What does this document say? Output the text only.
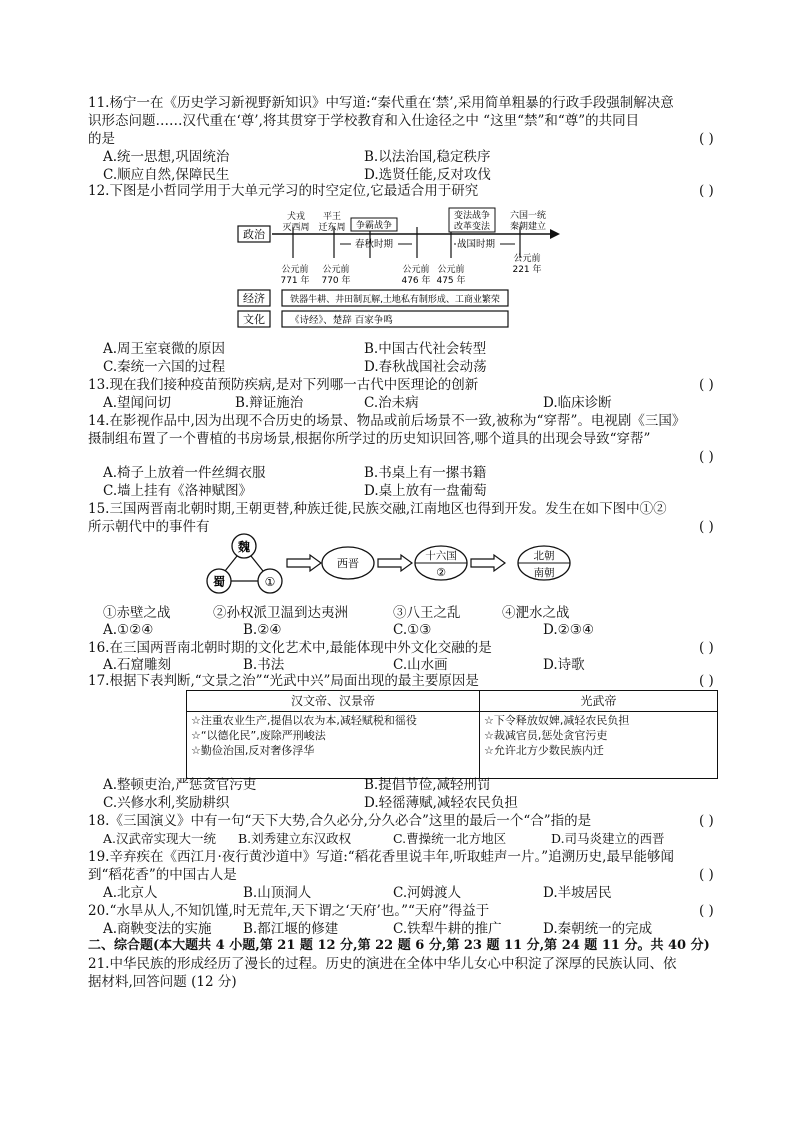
11.杨宁一在《历史学习新视野新知识》中写道:“秦代重在‘禁’,采用简单粗暴的行政手段强制解决意
识形态问题……汉代重在‘尊’,将其贯穿于学校教育和入仕途径之中 “这里“禁”和“尊”的共同目
的是	( )
A.统一思想,巩固统治	B.以法治国,稳定秩序
C.顺应自然,保障民生	D.选贤任能,反对攻伐
12.下图是小哲同学用于大单元学习的时空定位,它最适合用于研究	( )
政治
经济
文化
犬戎
灭西周
平王
迁东周 争霸战争
变法战争
改革变法
六国一统
秦朝建立
春秋时期	战国时期
公元前
771 年
公元前
770 年
公元前
476 年
公元前
475 年
公元前
221 年
铁器牛耕、井田制瓦解,土地私有制形成、工商业繁荣
《诗经》、楚辞 百家争鸣
魏
蜀	①
西晋
十六国
②
北朝
南朝
A.周王室衰微的原因	B.中国古代社会转型
C.秦统一六国的过程	D.春秋战国社会动荡
13.现在我们接种疫苗预防疾病,是对下列哪一古代中医理论的创新	( )
A.望闻问切	B.辩证施治	C.治未病	D.临床诊断
14.在影视作品中,因为出现不合历史的场景、物品或前后场景不一致,被称为“穿帮”。电视剧《三国》
摄制组布置了一个曹植的书房场景,根据你所学过的历史知识回答,哪个道具的出现会导致“穿帮”
( )
A.椅子上放着一件丝绸衣服	B.书桌上有一摞书籍
C.墙上挂有《洛神赋图》	D.桌上放有一盘葡萄
15.三国两晋南北朝时期,王朝更替,种族迁徙,民族交融,江南地区也得到开发。发生在如下图中①②
所示朝代中的事件有	( )
①赤壁之战	②孙权派卫温到达夷洲	③八王之乱	④淝水之战
A.①②④	B.②④	C.①③	D.②③④
16.在三国两晋南北朝时期的文化艺术中,最能体现中外文化交融的是	( )
A.石窟雕刻	B.书法	C.山水画	D.诗歌
17.根据下表判断,“文景之治”“光武中兴”局面出现的最主要原因是	( )
汉文帝、汉景帝	光武帝
☆注重农业生产,提倡以农为本,减轻赋税和徭役
☆“以德化民”,废除严刑峻法
☆勤俭治国,反对奢侈浮华
☆下令释放奴婢,减轻农民负担
☆裁减官员,惩处贪官污吏
☆允许北方少数民族内迁
A.整顿吏治,严惩贪官污吏	B.提倡节俭,减轻刑罚
C.兴修水利,奖励耕织	D.轻徭薄赋,减轻农民负担
18.《三国演义》中有一句“天下大势,合久必分,分久必合”这里的最后一个“合”指的是	( )
A.汉武帝实现大一统 B.刘秀建立东汉政权	C.曹操统一北方地区	D.司马炎建立的西晋
19.辛弃疾在《西江月·夜行黄沙道中》写道:“稻花香里说丰年,听取蛙声一片。”追溯历史,最早能够闻
到“稻花香”的中国古人是	( )
A.北京人	B.山顶洞人	C.河姆渡人	D.半坡居民
20.“水旱从人,不知饥馑,时无荒年,天下谓之‘天府’也。”“天府”得益于	( )
A.商鞅变法的实施 B.都江堰的修建	C.铁犁牛耕的推广	D.秦朝统一的完成
二、综合题(本大题共 4 小题,第 21 题 12 分,第 22 题 6 分,第 23 题 11 分,第 24 题 11 分。共 40 分)
21.中华民族的形成经历了漫长的过程。历史的演进在全体中华儿女心中积淀了深厚的民族认同、依
据材料,回答问题 (12 分)
